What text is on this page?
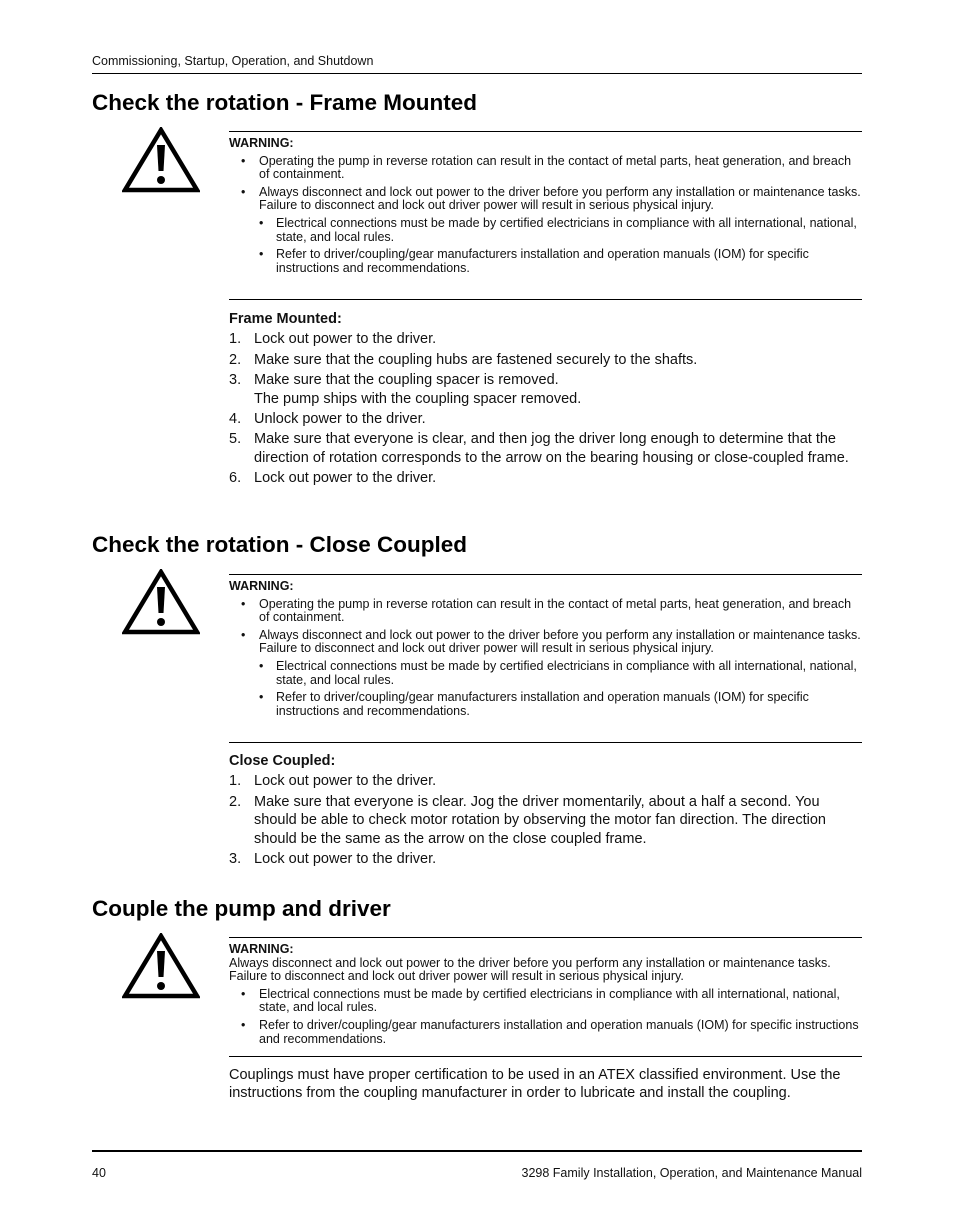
Commissioning, Startup, Operation, and Shutdown
Check the rotation - Frame Mounted
WARNING:
• Operating the pump in reverse rotation can result in the contact of metal parts, heat generation, and breach of containment.
• Always disconnect and lock out power to the driver before you perform any installation or maintenance tasks. Failure to disconnect and lock out driver power will result in serious physical injury.
• Electrical connections must be made by certified electricians in compliance with all international, national, state, and local rules.
• Refer to driver/coupling/gear manufacturers installation and operation manuals (IOM) for specific instructions and recommendations.
Frame Mounted:
1. Lock out power to the driver.
2. Make sure that the coupling hubs are fastened securely to the shafts.
3. Make sure that the coupling spacer is removed.
The pump ships with the coupling spacer removed.
4. Unlock power to the driver.
5. Make sure that everyone is clear, and then jog the driver long enough to determine that the direction of rotation corresponds to the arrow on the bearing housing or close-coupled frame.
6. Lock out power to the driver.
Check the rotation - Close Coupled
WARNING:
• Operating the pump in reverse rotation can result in the contact of metal parts, heat generation, and breach of containment.
• Always disconnect and lock out power to the driver before you perform any installation or maintenance tasks. Failure to disconnect and lock out driver power will result in serious physical injury.
• Electrical connections must be made by certified electricians in compliance with all international, national, state, and local rules.
• Refer to driver/coupling/gear manufacturers installation and operation manuals (IOM) for specific instructions and recommendations.
Close Coupled:
1. Lock out power to the driver.
2. Make sure that everyone is clear. Jog the driver momentarily, about a half a second. You should be able to check motor rotation by observing the motor fan direction. The direction should be the same as the arrow on the close coupled frame.
3. Lock out power to the driver.
Couple the pump and driver
WARNING:

Always disconnect and lock out power to the driver before you perform any installation or maintenance tasks. Failure to disconnect and lock out driver power will result in serious physical injury.

• Electrical connections must be made by certified electricians in compliance with all international, national, state, and local rules.
• Refer to driver/coupling/gear manufacturers installation and operation manuals (IOM) for specific instructions and recommendations.

Couplings must have proper certification to be used in an ATEX classified environment. Use the instructions from the coupling manufacturer in order to lubricate and install the coupling.

40	3298 Family Installation, Operation, and Maintenance Manual
